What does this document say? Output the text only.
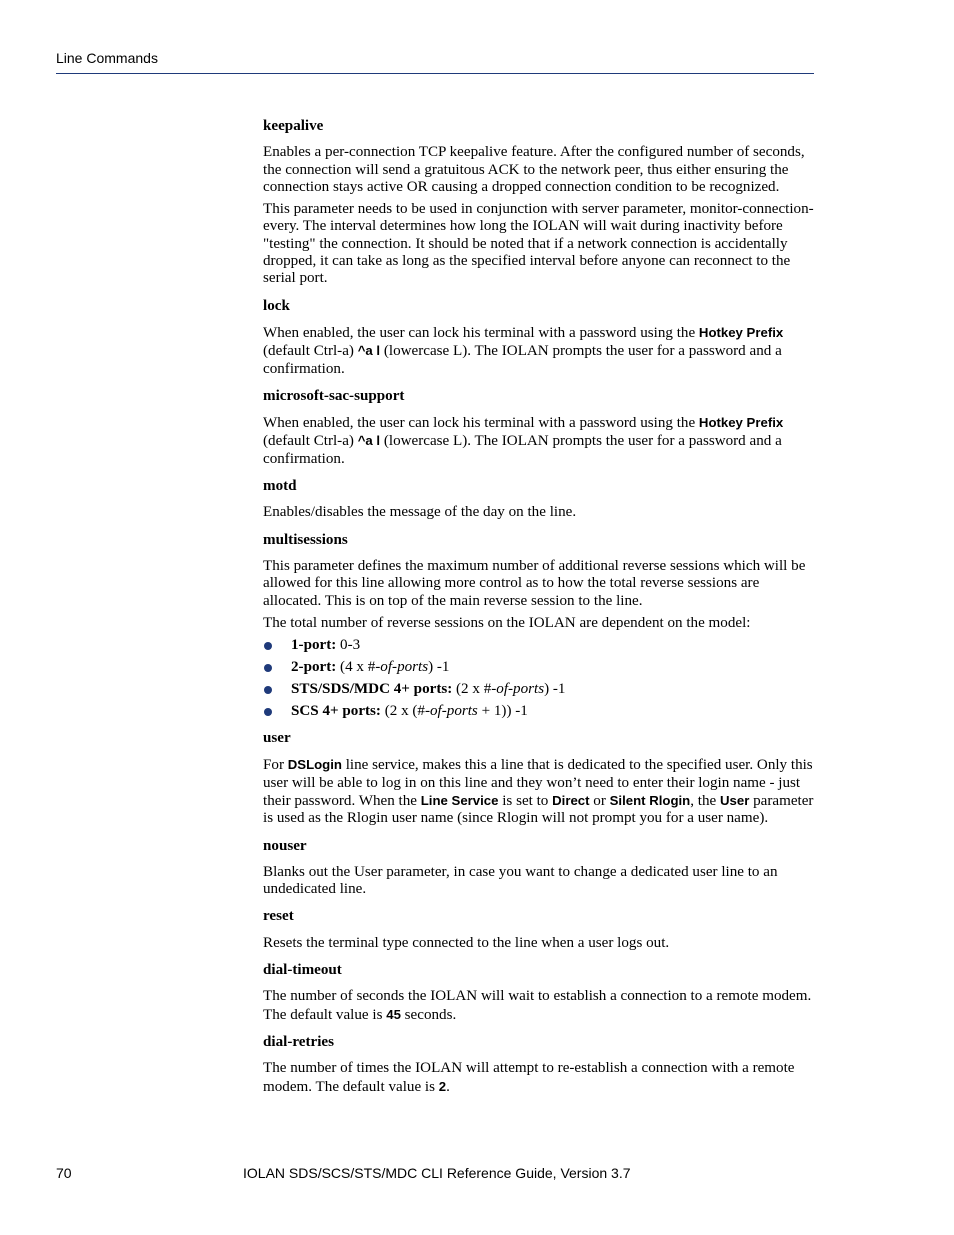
Line Commands
keepalive

Enables a per-connection TCP keepalive feature. After the configured number of seconds, the connection will send a gratuitous ACK to the network peer, thus either ensuring the connection stays active OR causing a dropped connection condition to be recognized.

This parameter needs to be used in conjunction with server parameter, monitor-connection-every. The interval determines how long the IOLAN will wait during inactivity before "testing" the connection. It should be noted that if a network connection is accidentally dropped, it can take as long as the specified interval before anyone can reconnect to the serial port.

lock

When enabled, the user can lock his terminal with a password using the Hotkey Prefix (default Ctrl-a) ^a l (lowercase L). The IOLAN prompts the user for a password and a confirmation.

microsoft-sac-support

When enabled, the user can lock his terminal with a password using the Hotkey Prefix (default Ctrl-a) ^a l (lowercase L). The IOLAN prompts the user for a password and a confirmation.

motd

Enables/disables the message of the day on the line.

multisessions

This parameter defines the maximum number of additional reverse sessions which will be allowed for this line allowing more control as to how the total reverse sessions are allocated. This is on top of the main reverse session to the line.

The total number of reverse sessions on the IOLAN are dependent on the model:

1-port: 0-3
2-port: (4 x #-of-ports) -1
STS/SDS/MDC 4+ ports: (2 x #-of-ports) -1
SCS 4+ ports: (2 x (#-of-ports + 1)) -1
user

For DSLogin line service, makes this a line that is dedicated to the specified user. Only this user will be able to log in on this line and they won’t need to enter their login name - just their password. When the Line Service is set to Direct or Silent Rlogin, the User parameter is used as the Rlogin user name (since Rlogin will not prompt you for a user name).

nouser

Blanks out the User parameter, in case you want to change a dedicated user line to an undedicated line.

reset

Resets the terminal type connected to the line when a user logs out.

dial-timeout

The number of seconds the IOLAN will wait to establish a connection to a remote modem. The default value is 45 seconds.

dial-retries

The number of times the IOLAN will attempt to re-establish a connection with a remote modem. The default value is 2.

70	IOLAN SDS/SCS/STS/MDC CLI Reference Guide, Version 3.7
